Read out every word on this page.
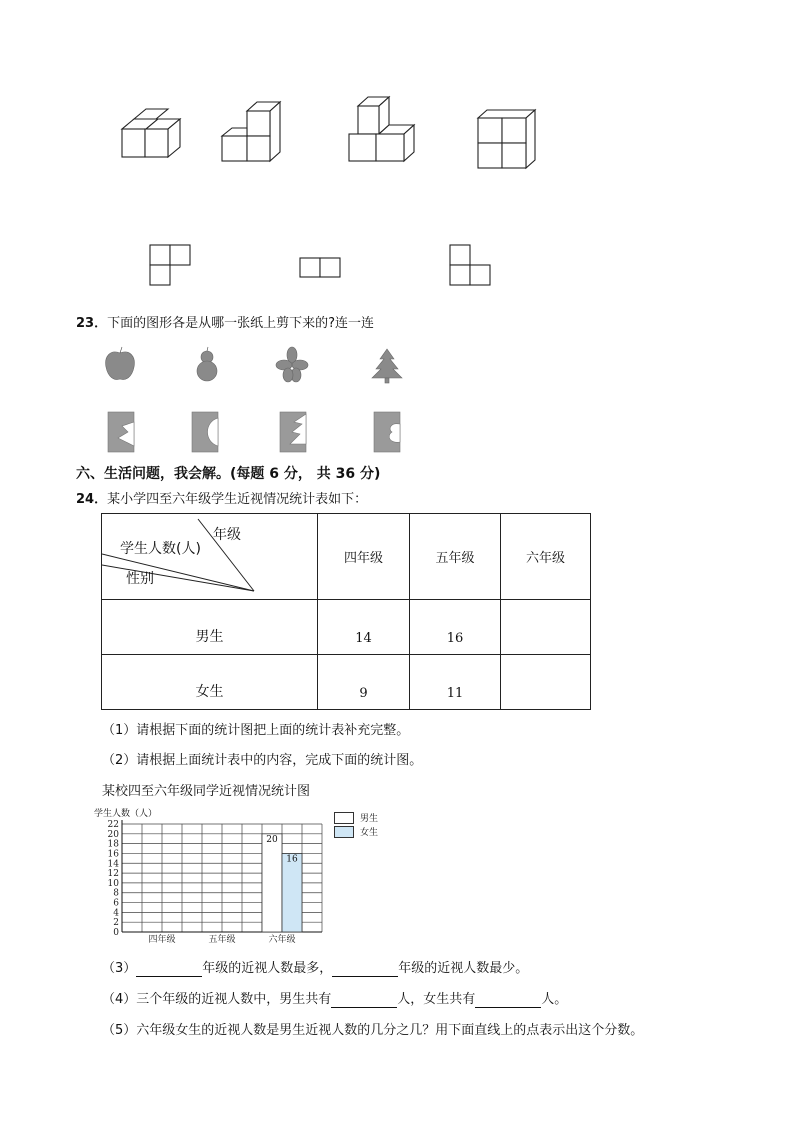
23．下面的图形各是从哪一张纸上剪下来的?连一连
六、生活问题，我会解。(每题 6 分， 共 36 分)
24．某小学四至六年级学生近视情况统计表如下：
年级
学生人数(人)
性别	四年级	五年级	六年级
男生	14	16	
女生	9	11	
（1）请根据下面的统计图把上面的统计表补充完整。
（2）请根据上面统计表中的内容，完成下面的统计图。
某校四至六年级同学近视情况统计图
学生人数（人）
0
2
4
6
8
10
12
14
16
18
20
22
四年级	五年级	六年级
20
16
男生
女生
（3）	年级的近视人数最多，	年级的近视人数最少。
（4）三个年级的近视人数中，男生共有	人，女生共有	人。
（5）六年级女生的近视人数是男生近视人数的几分之几？用下面直线上的点表示出这个分数。
